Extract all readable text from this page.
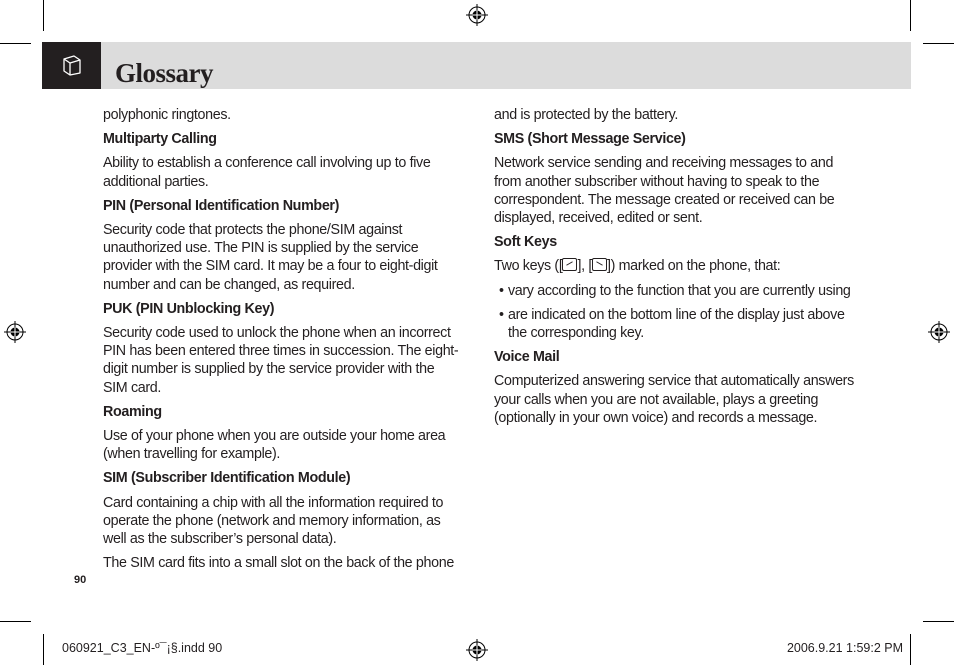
Glossary

polyphonic ringtones.

Multiparty Calling

Ability to establish a conference call involving up to five additional parties.

PIN (Personal Identification Number)

Security code that protects the phone/SIM against unauthorized use. The PIN is supplied by the service provider with the SIM card. It may be a four to eight-digit number and can be changed, as required.

PUK (PIN Unblocking Key)

Security code used to unlock the phone when an incorrect PIN has been entered three times in succession. The eight-digit number is supplied by the service provider with the SIM card.

Roaming

Use of your phone when you are outside your home area (when travelling for example).

SIM (Subscriber Identification Module)

Card containing a chip with all the information required to operate the phone (network and memory information, as well as the subscriber’s personal data).

The SIM card fits into a small slot on the back of the phone

and is protected by the battery.

SMS (Short Message Service)

Network service sending and receiving messages to and from another subscriber without having to speak to the correspondent. The message created or received can be displayed, received, edited or sent.

Soft Keys

Two keys ([ ], [ ]) marked on the phone, that:

• vary according to the function that you are currently using
• are indicated on the bottom line of the display just above the corresponding key.

Voice Mail

Computerized answering service that automatically answers your calls when you are not available, plays a greeting (optionally in your own voice) and records a message.

90
060921_C3_EN-º¯¡§.indd 90	2006.9.21 1:59:2 PM
